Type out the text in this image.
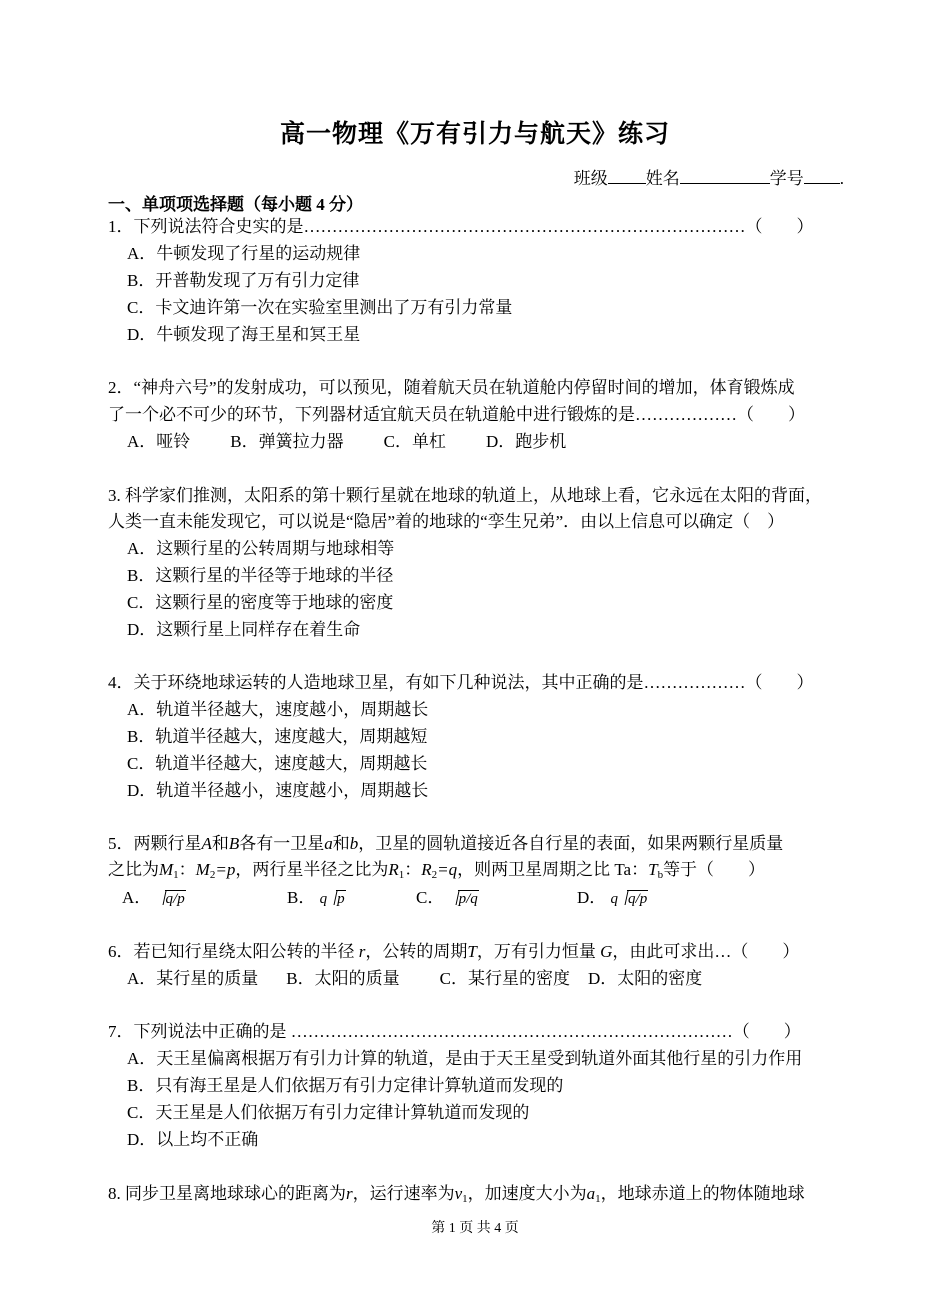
高一物理《万有引力与航天》练习
班级 姓名	学号 .
一、单项项选择题（每小题 4 分）
1．下列说法符合史实的是……………………………………………………………………（　　）
A．牛顿发现了行星的运动规律
B．开普勒发现了万有引力定律
C．卡文迪许第一次在实验室里测出了万有引力常量
D．牛顿发现了海王星和冥王星
2．“神舟六号”的发射成功，可以预见，随着航天员在轨道舱内停留时间的增加，体育锻炼成
了一个必不可少的环节，下列器材适宜航天员在轨道舱中进行锻炼的是………………（　　）
A．哑铃 B．弹簧拉力器 C．单杠 D．跑步机
3. 科学家们推测，太阳系的第十颗行星就在地球的轨道上，从地球上看，它永远在太阳的背面，
人类一直未能发现它，可以说是“隐居”着的地球的“孪生兄弟”．由以上信息可以确定（　）
A．这颗行星的公转周期与地球相等
B．这颗行星的半径等于地球的半径
C．这颗行星的密度等于地球的密度
D．这颗行星上同样存在着生命
4．关于环绕地球运转的人造地球卫星，有如下几种说法，其中正确的是………………（　　）
A．轨道半径越大，速度越小，周期越长
B．轨道半径越大，速度越大，周期越短
C．轨道半径越大，速度越大，周期越长
D．轨道半径越小，速度越小，周期越长
5．两颗行星A和B各有一卫星a和b，卫星的圆轨道接近各自行星的表面，如果两颗行星质量
之比为$M_1$：$M_2=p$，两行星半径之比为$R_1$：$R_2=q$，则两卫星周期之比 Ta：$T_b$等于（　　）
A． q/p	B． q p	C． p/q	D． q q/p
6．若已知行星绕太阳公转的半径 r，公转的周期T，万有引力恒量 G，由此可求出…（　　）
A．某行星的质量 B．太阳的质量 C．某行星的密度 D．太阳的密度
7．下列说法中正确的是 ……………………………………………………………………（　　）
A．天王星偏离根据万有引力计算的轨道，是由于天王星受到轨道外面其他行星的引力作用
B．只有海王星是人们依据万有引力定律计算轨道而发现的
C．天王星是人们依据万有引力定律计算轨道而发现的
D．以上均不正确
8. 同步卫星离地球球心的距离为r，运行速率为$v_1$，加速度大小为$a_1$，地球赤道上的物体随地球
第 1 页 共 4 页
